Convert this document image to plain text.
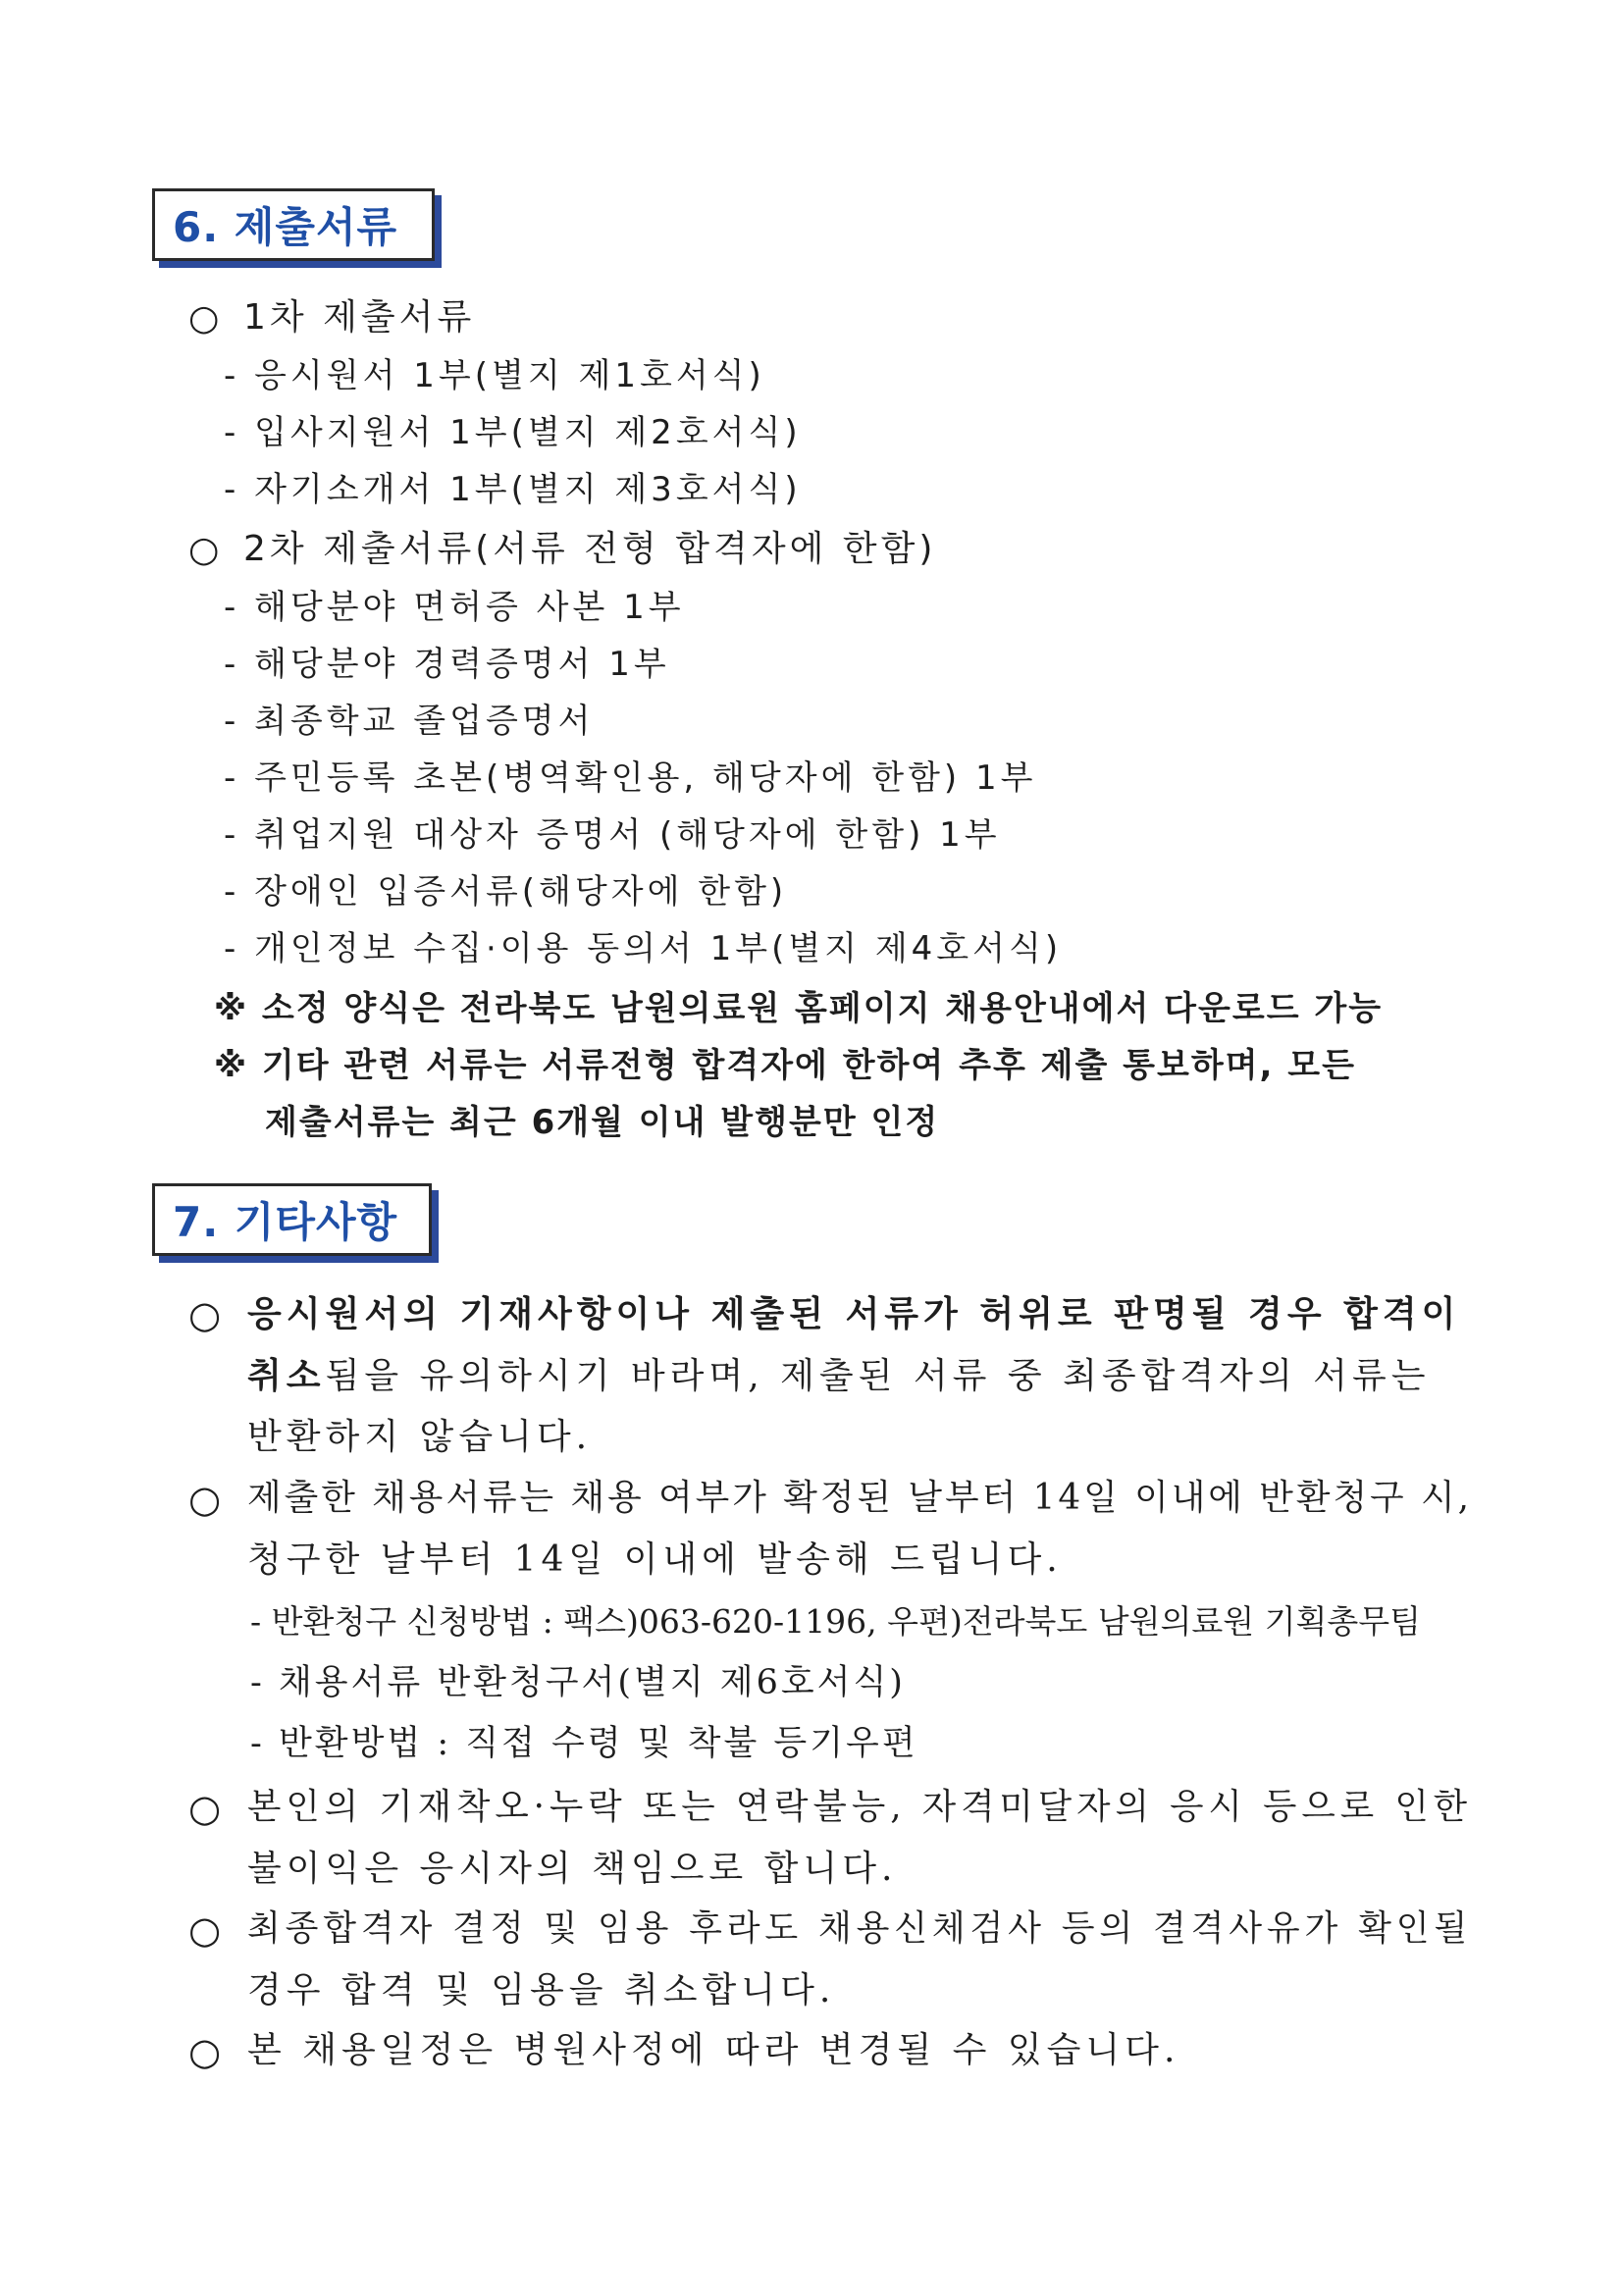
6. 제출서류
○ 1차 제출서류
- 응시원서 1부(별지 제1호서식)
- 입사지원서 1부(별지 제2호서식)
- 자기소개서 1부(별지 제3호서식)
○ 2차 제출서류(서류 전형 합격자에 한함)
- 해당분야 면허증 사본 1부
- 해당분야 경력증명서 1부
- 최종학교 졸업증명서
- 주민등록 초본(병역확인용, 해당자에 한함) 1부
- 취업지원 대상자 증명서 (해당자에 한함) 1부
- 장애인 입증서류(해당자에 한함)
- 개인정보 수집·이용 동의서 1부(별지 제4호서식)
※ 소정 양식은 전라북도 남원의료원 홈페이지 채용안내에서 다운로드 가능
※ 기타 관련 서류는 서류전형 합격자에 한하여 추후 제출 통보하며, 모든
제출서류는 최근 6개월 이내 발행분만 인정
7. 기타사항
○ 응시원서의 기재사항이나 제출된 서류가 허위로 판명될 경우 합격이
취소됨을 유의하시기 바라며, 제출된 서류 중 최종합격자의 서류는
반환하지 않습니다.
○ 제출한 채용서류는 채용 여부가 확정된 날부터 14일 이내에 반환청구 시,
청구한 날부터 14일 이내에 발송해 드립니다.
- 반환청구 신청방법 : 팩스)063-620-1196, 우편)전라북도 남원의료원 기획총무팀
- 채용서류 반환청구서(별지 제6호서식)
- 반환방법 : 직접 수령 및 착불 등기우편
○ 본인의 기재착오·누락 또는 연락불능, 자격미달자의 응시 등으로 인한
불이익은 응시자의 책임으로 합니다.
○ 최종합격자 결정 및 임용 후라도 채용신체검사 등의 결격사유가 확인될
경우 합격 및 임용을 취소합니다.
○ 본 채용일정은 병원사정에 따라 변경될 수 있습니다.
